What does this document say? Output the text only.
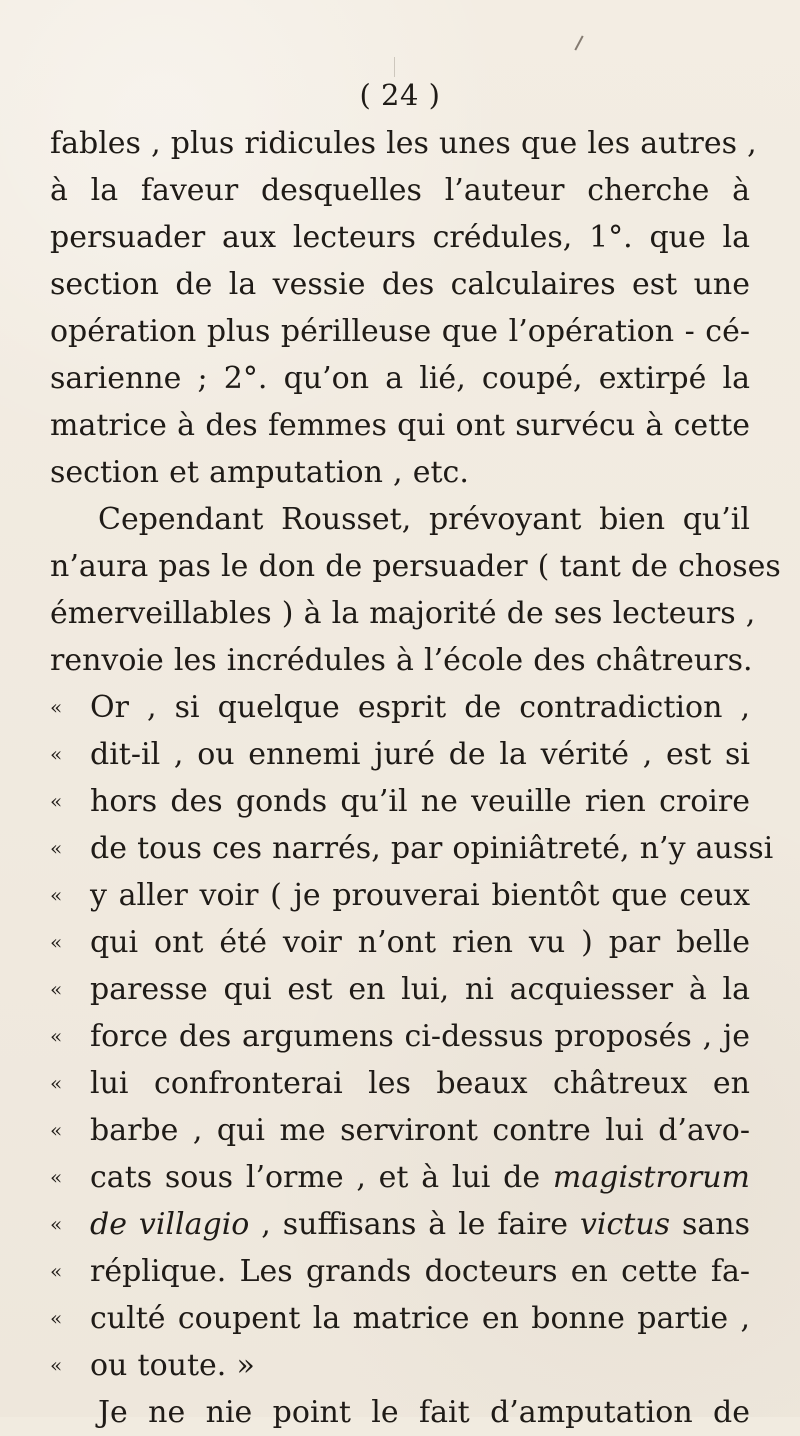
( 24 )
fables , plus ridicules les unes que les autres ,
à la faveur desquelles l’auteur cherche à
persuader aux lecteurs crédules, 1°. que la
section de la vessie des calculaires est une
opération plus périlleuse que l’opération - cé-
sarienne ; 2°. qu’on a lié, coupé, extirpé la
matrice à des femmes qui ont survécu à cette
section et amputation , etc.
Cependant Rousset, prévoyant bien qu’il
n’aura pas le don de persuader ( tant de choses
émerveillables ) à la majorité de ses lecteurs ,
renvoie les incrédules à l’école des châtreurs.
« Or , si quelque esprit de contradiction ,
« dit-il , ou ennemi juré de la vérité , est si
« hors des gonds qu’il ne veuille rien croire
« de tous ces narrés, par opiniâtreté, n’y aussi
« y aller voir ( je prouverai bientôt que ceux
« qui ont été voir n’ont rien vu ) par belle
« paresse qui est en lui, ni acquiesser à la
« force des argumens ci-dessus proposés , je
« lui confronterai les beaux châtreux en
« barbe , qui me serviront contre lui d’avo-
« cats sous l’orme , et à lui de magistrorum
« de villagio , suffisans à le faire victus sans
« réplique. Les grands docteurs en cette fa-
« culté coupent la matrice en bonne partie ,
« ou toute. »
Je ne nie point le fait d’amputation de
